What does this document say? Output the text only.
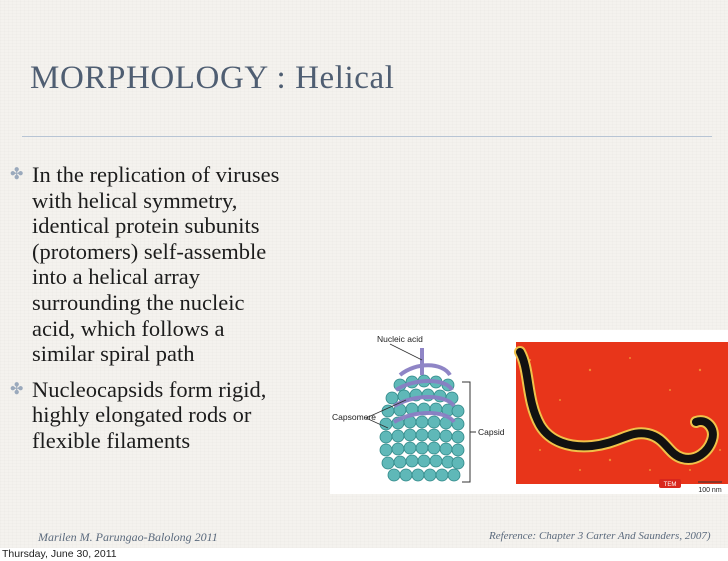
MORPHOLOGY : Helical
✤ In the replication of viruses
with helical symmetry,
identical protein subunits
(protomers) self-assemble
into a helical array
surrounding the nucleic
acid, which follows a
similar spiral path
✤ Nucleocapsids form rigid,
highly elongated rods or
flexible filaments
Nucleic acid
Capsomere
Capsid
TEM
100 nm
Marilen M. Parungao-Balolong 2011	Reference: Chapter 3 Carter And Saunders, 2007)
Thursday, June 30, 2011
